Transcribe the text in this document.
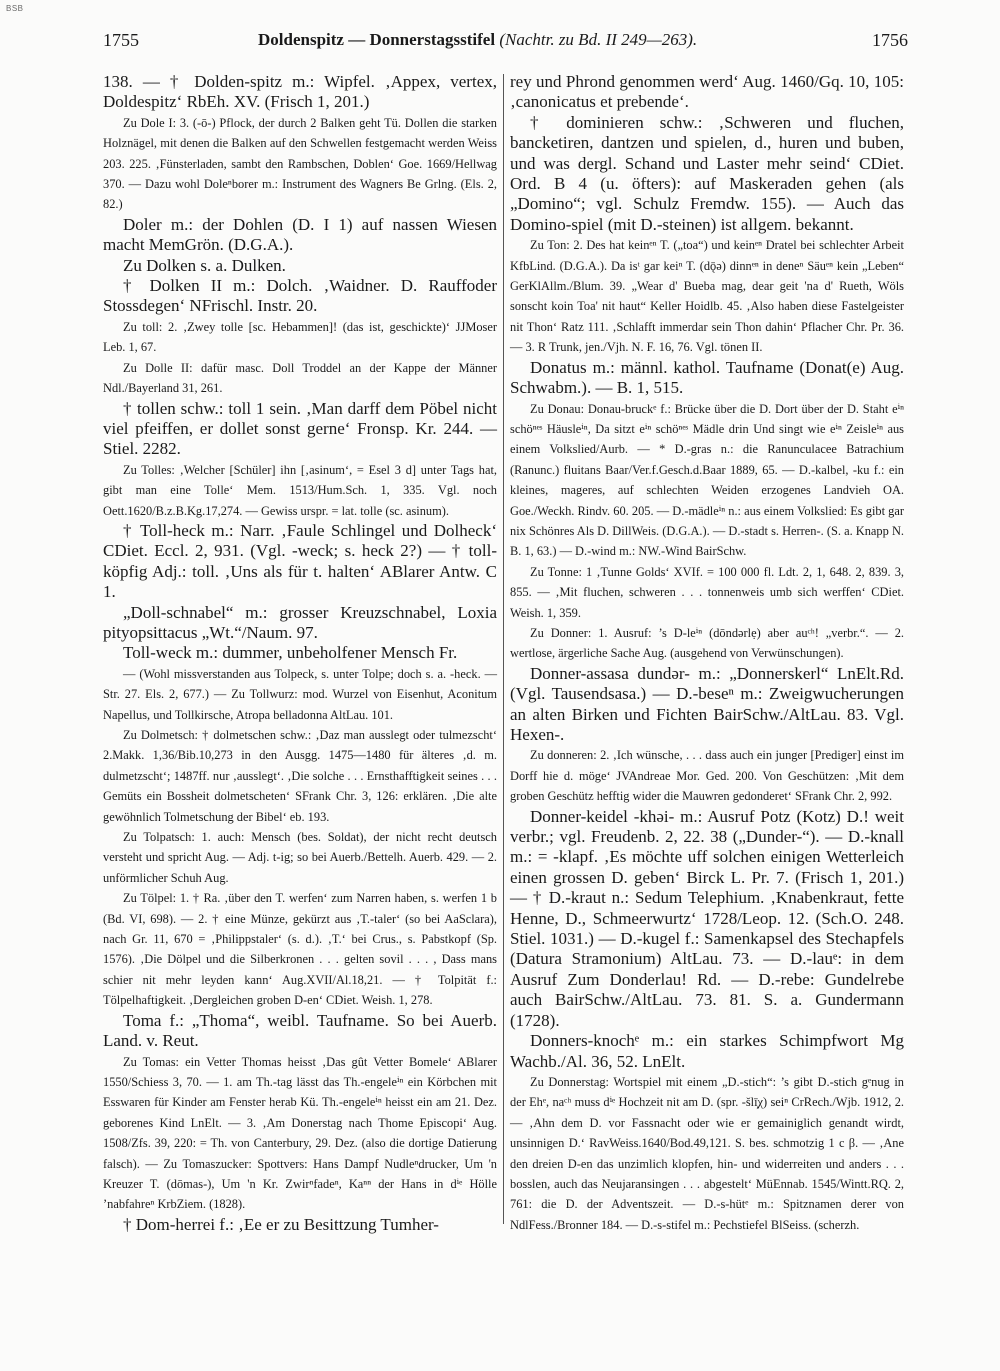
BSB
1755	Doldenspitz — Donnerstagsstifel (Nachtr. zu Bd. II 249—263).	1756

138. — † Dolden-spitz m.: Wipfel. ‚Appex, vertex, Doldespitz‘ RbEh. XV. (Frisch 1, 201.)

Zu Dole I: 3. (-ō-) Pflock, der durch 2 Balken geht Tü. Dollen die starken Holznägel, mit denen die Balken auf den Schwellen festgemacht werden Weiss 203. 225. ‚Fünsterladen, sambt den Rambschen, Doblen‘ Goe. 1669/Hellwag 370. — Dazu wohl Doleⁿborer m.: Instrument des Wagners Be Grlng. (Els. 2, 82.)

Doler m.: der Dohlen (D. I 1) auf nassen Wiesen macht MemGrön. (D.G.A.).

Zu Dolken s. a. Dulken.

† Dolken II m.: Dolch. ‚Waidner. D. Rauffoder Stossdegen‘ NFrischl. Instr. 20.

Zu toll: 2. ‚Zwey tolle [sc. Hebammen]! (das ist, geschickte)‘ JJMoser Leb. 1, 67.

Zu Dolle II: dafür masc. Doll Troddel an der Kappe der Männer Ndl./Bayerland 31, 261.

† tollen schw.: toll 1 sein. ‚Man darff dem Pöbel nicht viel pfeiffen, er dollet sonst gerne‘ Fronsp. Kr. 244. — Stiel. 2282.

Zu Tolles: ‚Welcher [Schüler] ihn [‚asinum‘, = Esel 3 d] unter Tags hat, gibt man eine Tolle‘ Mem. 1513/Hum.Sch. 1, 335. Vgl. noch Oett.1620/B.z.B.Kg.17,274. — Gewiss urspr. = lat. tolle (sc. asinum).

† Toll-heck m.: Narr. ‚Faule Schlingel und Dolheck‘ CDiet. Eccl. 2, 931. (Vgl. -weck; s. heck 2?) — † toll-köpfig Adj.: toll. ‚Uns als für t. halten‘ ABlarer Antw. C 1.

„Doll-schnabel“ m.: grosser Kreuzschnabel, Loxia pityopsittacus „Wt.“/Naum. 97.

Toll-weck m.: dummer, unbeholfener Mensch Fr.

— (Wohl missverstanden aus Tolpeck, s. unter Tolpe; doch s. a. -heck. — Str. 27. Els. 2, 677.) — Zu Tollwurz: mod. Wurzel von Eisenhut, Aconitum Napellus, und Tollkirsche, Atropa belladonna AltLau. 101.

Zu Dolmetsch: † dolmetschen schw.: ‚Daz man ausslegt oder tulmezscht‘ 2.Makk. 1,36/Bib.10,273 in den Ausgg. 1475—1480 für älteres ‚d. m. dulmetzscht‘; 1487ff. nur ‚ausslegt‘. ‚Die solche . . . Ernsthafftigkeit seines . . . Gemüts ein Bossheit dolmetscheten‘ SFrank Chr. 3, 126: erklären. ‚Die alte gewöhnlich Tolmetschung der Bibel‘ eb. 193.

Zu Tolpatsch: 1. auch: Mensch (bes. Soldat), der nicht recht deutsch versteht und spricht Aug. — Adj. t-ig; so bei Auerb./Bettelh. Auerb. 429. — 2. unförmlicher Schuh Aug.

Zu Tölpel: 1. † Ra. ‚über den T. werfen‘ zum Narren haben, s. werfen 1 b (Bd. VI, 698). — 2. † eine Münze, gekürzt aus ‚T.-taler‘ (so bei AaSclara), nach Gr. 11, 670 = ‚Philippstaler‘ (s. d.). ‚T.‘ bei Crus., s. Pabstkopf (Sp. 1576). ‚Die Dölpel und die Silberkronen . . . gelten sovil . . . , Dass mans schier nit mehr leyden kann‘ Aug.XVII/Al.18,21. — † Tolpität f.: Tölpelhaftigkeit. ‚Dergleichen groben D-en‘ CDiet. Weish. 1, 278.

Toma f.: „Thoma“, weibl. Taufname. So bei Auerb. Land. v. Reut.

Zu Tomas: ein Vetter Thomas heisst ‚Das gût Vetter Bomele‘ ABlarer 1550/Schiess 3, 70. — 1. am Th.-tag lässt das Th.-engeleⁱⁿ ein Körbchen mit Esswaren für Kinder am Fenster herab Kü. Th.-engeleⁱⁿ heisst ein am 21. Dez. geborenes Kind LnElt. — 3. ‚Am Donerstag nach Thome Episcopi‘ Aug. 1508/Zfs. 39, 220: = Th. von Canterbury, 29. Dez. (also die dortige Datierung falsch). — Zu Tomaszucker: Spottvers: Hans Dampf Nudleⁿdrucker, Um 'n Kreuzer T. (dōmas-), Um 'n Kr. Zwirⁿfadeⁿ, Kaⁿⁿ der Hans in dⁱᵉ Hölle ’nabfahreⁿ KrbZiem. (1828).

† Dom-herrei f.: ‚Ee er zu Besittzung Tumher-

rey und Phrond genommen werd‘ Aug. 1460/Gq. 10, 105: ‚canonicatus et prebende‘.

† dominieren schw.: ‚Schweren und fluchen, bancketiren, dantzen und spielen, d., huren und buben, und was dergl. Schand und Laster mehr seind‘ CDiet. Ord. B 4 (u. öfters): auf Maskeraden gehen (als „Domino“; vgl. Schulz Fremdw. 155). — Auch das Domino-spiel (mit D.-steinen) ist allgem. bekannt.

Zu Ton: 2. Des hat keinᵉⁿ T. („toa“) und keinᵉⁿ Dratel bei schlechter Arbeit KfbLind. (D.G.A.). Da isᵗ gar keiⁿ T. (dǭə) dinnᵉⁿ in deneⁿ Säuᵉⁿ kein „Leben“ GerKlAllm./Blum. 39. „Wear d' Bueba mag, dear geit 'na d' Rueth, Wöls sonscht koin Toa' nit haut“ Keller Hoidlb. 45. ‚Also haben diese Fastelgeister nit Thon‘ Ratz 111. ‚Schlafft immerdar sein Thon dahin‘ Pflacher Chr. Pr. 36. — 3. R Trunk, jen./Vjh. N. F. 16, 76. Vgl. tönen II.

Donatus m.: männl. kathol. Taufname (Donat(e) Aug. Schwabm.). — B. 1, 515.

Zu Donau: Donau-bruckᵉ f.: Brücke über die D. Dort über der D. Staht eⁱⁿ schöⁿᵉˢ Häusleⁱⁿ, Da sitzt eⁱⁿ schöⁿᵉˢ Mädle drin Und singt wie eⁱⁿ Zeisleⁱⁿ aus einem Volkslied/Aurb. — * D.-gras n.: die Ranunculacee Batrachium (Ranunc.) fluitans Baar/Ver.f.Gesch.d.Baar 1889, 65. — D.-kalbel, -ku f.: ein kleines, mageres, auf schlechten Weiden erzogenes Landvieh OA. Goe./Weckh. Rindv. 60. 205. — D.-mädleⁱⁿ n.: aus einem Volkslied: Es gibt gar nix Schönres Als D. DillWeis. (D.G.A.). — D.-stadt s. Herren-. (S. a. Knapp N. B. 1, 63.) — D.-wind m.: NW.-Wind BairSchw.

Zu Tonne: 1 ‚Tunne Golds‘ XVIf. = 100 000 fl. Ldt. 2, 1, 648. 2, 839. 3, 855. — ‚Mit fluchen, schweren . . . tonnenweis umb sich werffen‘ CDiet. Weish. 1, 359.

Zu Donner: 1. Ausruf: ’s D-leⁱⁿ (dōndərlẹ) aber auᶜʰ! „verbr.“. — 2. wertlose, ärgerliche Sache Aug. (ausgehend von Verwünschungen).

Donner-assasa dundər- m.: „Donnerskerl“ LnElt.Rd. (Vgl. Tausendsasa.) — D.-beseⁿ m.: Zweigwucherungen an alten Birken und Fichten BairSchw./AltLau. 83. Vgl. Hexen-.

Zu donneren: 2. ‚Ich wünsche, . . . dass auch ein junger [Prediger] einst im Dorff hie d. möge‘ JVAndreae Mor. Ged. 200. Von Geschützen: ‚Mit dem groben Geschütz hefftig wider die Mauwren gedonderet‘ SFrank Chr. 2, 992.

Donner-keidel -khəi- m.: Ausruf Potz (Kotz) D.! weit verbr.; vgl. Freudenb. 2, 22. 38 („Dunder-“). — D.-knall m.: = -klapf. ‚Es möchte uff solchen einigen Wetterleich einen grossen D. geben‘ Birck L. Pr. 7. (Frisch 1, 201.) — † D.-kraut n.: Sedum Telephium. ‚Knabenkraut, fette Henne, D., Schmeerwurtz‘ 1728/Leop. 12. (Sch.O. 248. Stiel. 1031.) — D.-kugel f.: Samenkapsel des Stechapfels (Datura Stramonium) AltLau. 73. — D.-lauᵉ: in dem Ausruf Zum Donderlau! Rd. — D.-rebe: Gundelrebe auch BairSchw./AltLau. 73. 81. S. a. Gundermann (1728).

Donners-knochᵉ m.: ein starkes Schimpfwort Mg Wachb./Al. 36, 52. LnElt.

Zu Donnerstag: Wortspiel mit einem „D.-stich“: ’s gibt D.-stich gᵉnug in der Ehᵉ, naᶜʰ muss dⁱᵉ Hochzeit nit am D. (spr. -šlī̦χ) seiⁿ CrRech./Wjb. 1912, 2. — ‚Ahn dem D. vor Fassnacht oder wie er gemainiglich genandt wirdt, unsinnigen D.‘ RavWeiss.1640/Bod.49,121. S. bes. schmotzig 1 c β. — ‚Ane den dreien D-en das unzimlich klopfen, hin- und widerreiten und anders . . . bosslen, auch das Neujaransingen . . . abgestelt‘ MüEnnab. 1545/Wintt.RQ. 2, 761: die D. der Adventszeit. — D.-s-hütᵉ m.: Spitznamen derer von NdlFess./Bronner 184. — D.-s-stifel m.: Pechstiefel BlSeiss. (scherzh.
